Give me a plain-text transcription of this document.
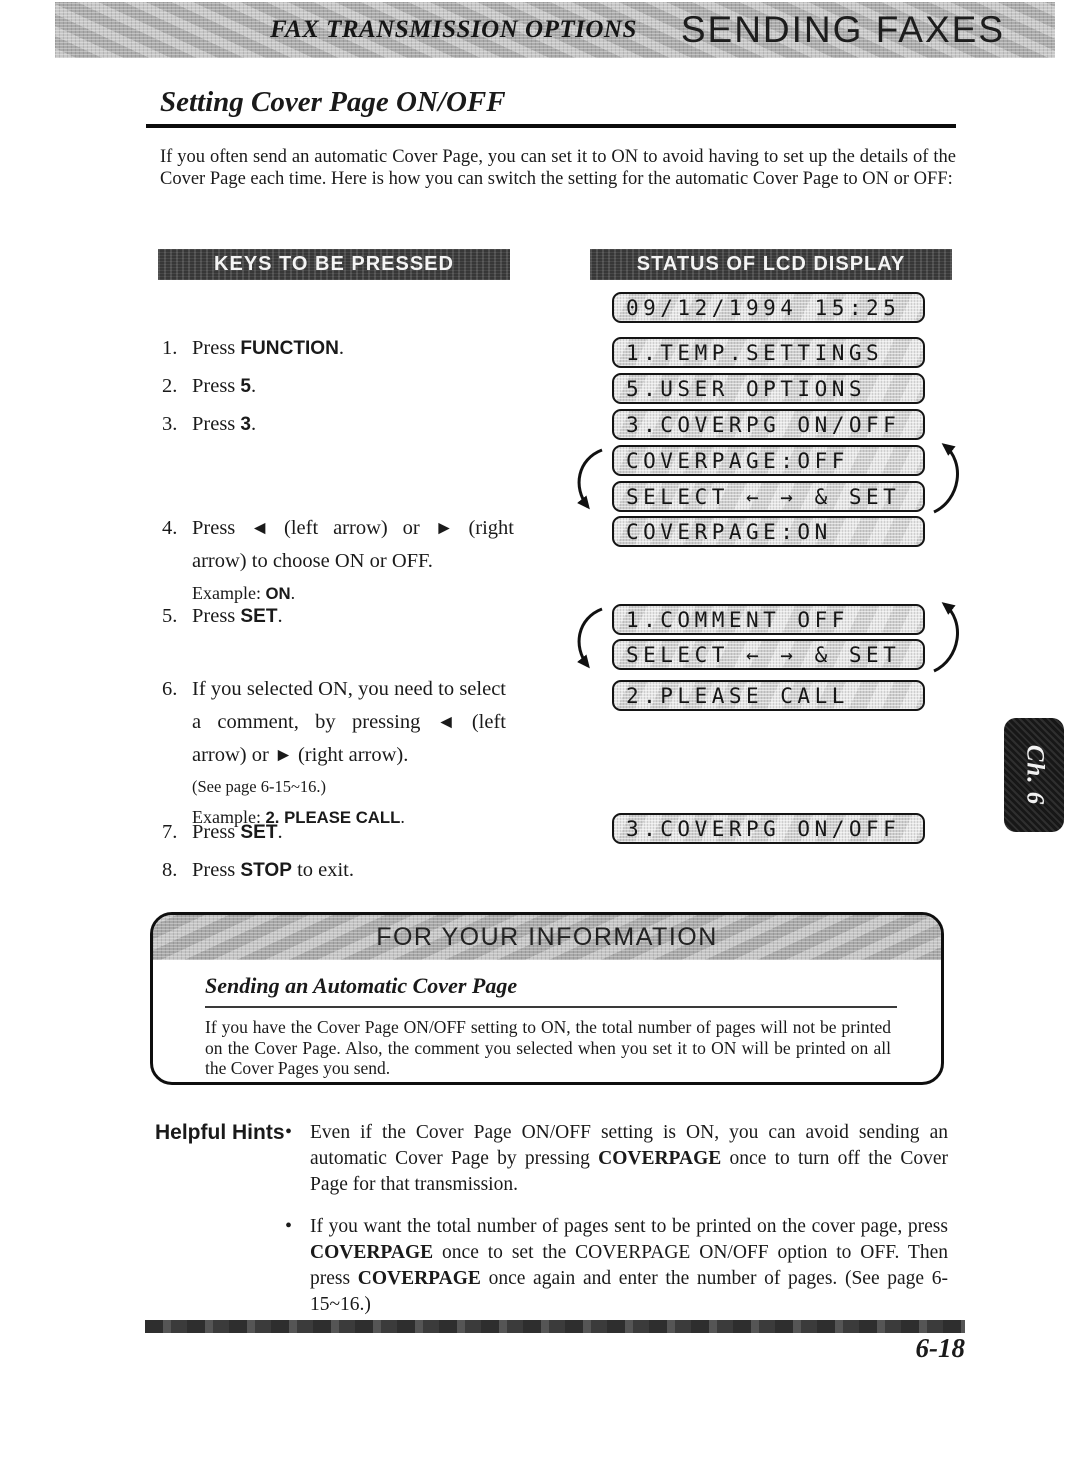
FAX TRANSMISSION OPTIONS SENDING FAXES
Setting Cover Page ON/OFF

If you often send an automatic Cover Page, you can set it to ON to avoid having to set up the details of the Cover Page each time. Here is how you can switch the setting for the automatic Cover Page to ON or OFF:

KEYS TO BE PRESSED	STATUS OF LCD DISPLAY
1. Press FUNCTION.
2. Press 5.
3. Press 3.
4. Press ◄ (left arrow) or ► (right arrow) to choose ON or OFF.
Example: ON.
5. Press SET.
6. If you selected ON, you need to select a comment, by pressing ◄ (left arrow) or ► (right arrow).
(See page 6-15~16.)
Example: 2. PLEASE CALL.
7. Press SET.
8. Press STOP to exit.
09/12/1994 15:25
1.TEMP.SETTINGS
5.USER OPTIONS
3.COVERPG ON/OFF
COVERPAGE:OFF
SELECT ← → & SET
COVERPAGE:ON
1.COMMENT OFF
SELECT ← → & SET
2.PLEASE CALL
3.COVERPG ON/OFF
FOR YOUR INFORMATION
Sending an Automatic Cover Page
If you have the Cover Page ON/OFF setting to ON, the total number of pages will not be printed on the Cover Page. Also, the comment you selected when you set it to ON will be printed on all the Cover Pages you send.
Helpful Hints • Even if the Cover Page ON/OFF setting is ON, you can avoid sending an automatic Cover Page by pressing COVERPAGE once to turn off the Cover Page for that transmission.
• If you want the total number of pages sent to be printed on the cover page, press COVERPAGE once to set the COVERPAGE ON/OFF option to OFF. Then press COVERPAGE once again and enter the number of pages. (See page 6-15~16.)
6-18
Ch. 6
